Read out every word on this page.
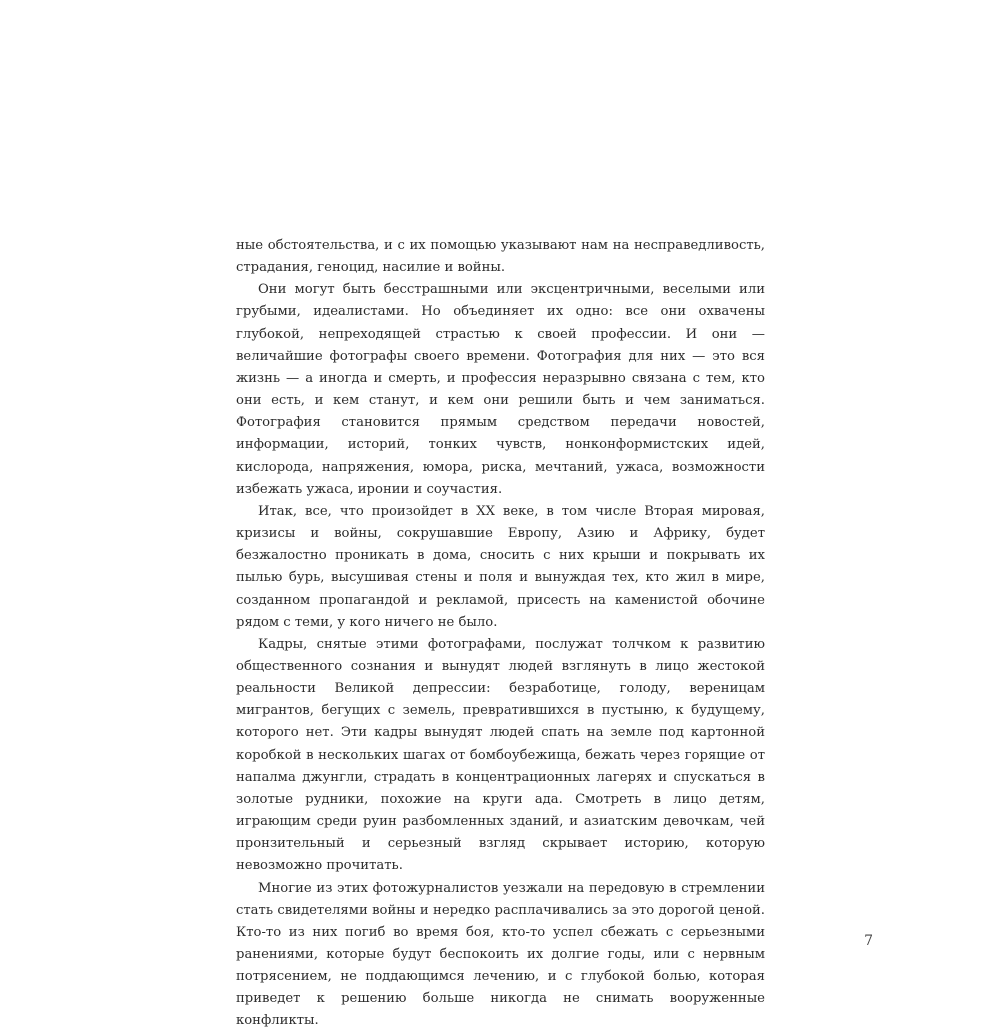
ные обстоятельства, и с их помощью указывают нам на несправедливость, страдания, геноцид, насилие и войны.

Они могут быть бесстрашными или эксцентричными, веселыми или грубыми, идеалистами. Но объединяет их одно: все они охвачены глубокой, непреходящей страстью к своей профессии. И они — величайшие фотографы своего времени. Фотография для них — это вся жизнь — а иногда и смерть, и профессия неразрывно связана с тем, кто они есть, и кем станут, и кем они решили быть и чем заниматься. Фотография становится прямым средством передачи новостей, информации, историй, тонких чувств, нонконформистских идей, кислорода, напряжения, юмора, риска, мечтаний, ужаса, возможности избежать ужаса, иронии и соучастия.

Итак, все, что произойдет в XX веке, в том числе Вторая мировая, кризисы и войны, сокрушавшие Европу, Азию и Африку, будет безжалостно проникать в дома, сносить с них крыши и покрывать их пылью бурь, высушивая стены и поля и вынуждая тех, кто жил в мире, созданном пропагандой и рекламой, присесть на каменистой обочине рядом с теми, у кого ничего не было.

Кадры, снятые этими фотографами, послужат толчком к развитию общественного сознания и вынудят людей взглянуть в лицо жестокой реальности Великой депрессии: безработице, голоду, вереницам мигрантов, бегущих с земель, превратившихся в пустыню, к будущему, которого нет. Эти кадры вынудят людей спать на земле под картонной коробкой в нескольких шагах от бомбоубежища, бежать через горящие от напалма джунгли, страдать в концентрационных лагерях и спускаться в золотые рудники, похожие на круги ада. Смотреть в лицо детям, играющим среди руин разбомленных зданий, и азиатским девочкам, чей пронзительный и серьезный взгляд скрывает историю, которую невозможно прочитать.

Многие из этих фотожурналистов уезжали на передовую в стремлении стать свидетелями войны и нередко расплачивались за это дорогой ценой. Кто-то из них погиб во время боя, кто-то успел сбежать с серьезными ранениями, которые будут беспокоить их долгие годы, или с нервным потрясением, не поддающимся лечению, и с глубокой болью, которая приведет к решению больше никогда не снимать вооруженные конфликты.

7
